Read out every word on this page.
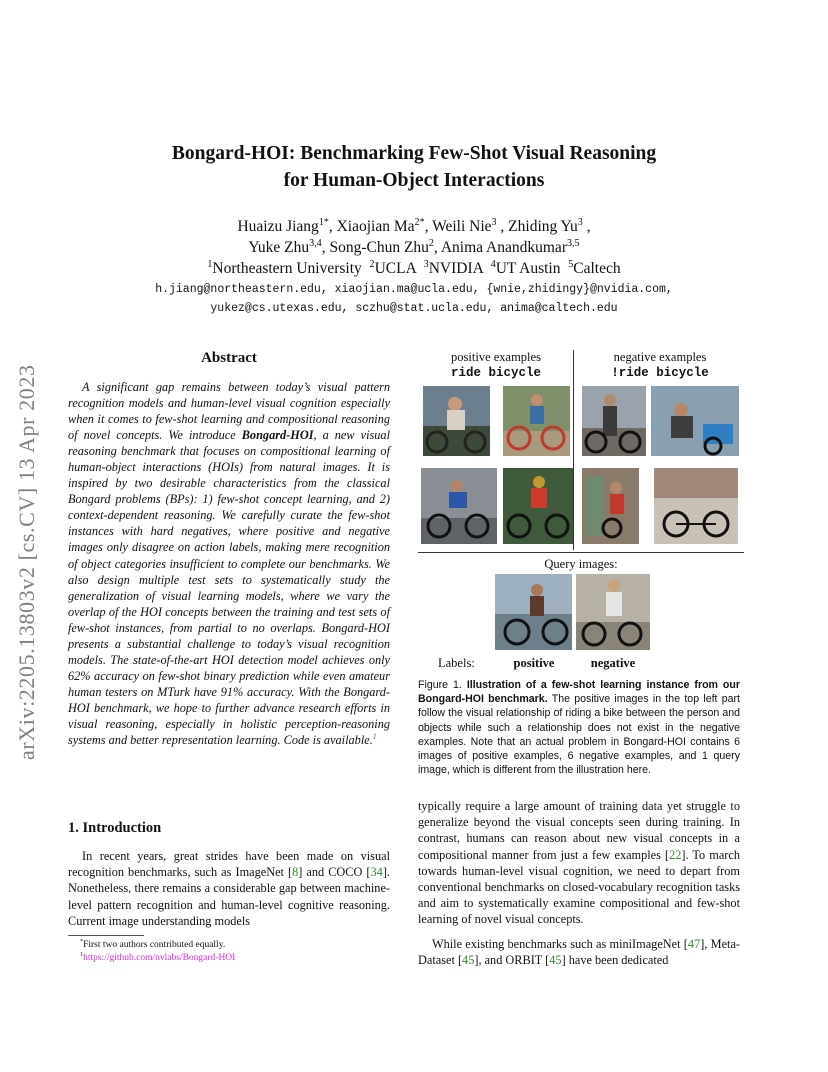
arXiv:2205.13803v2 [cs.CV] 13 Apr 2023
Bongard-HOI: Benchmarking Few-Shot Visual Reasoning
for Human-Object Interactions
Huaizu Jiang$^{1*}$, Xiaojian $Ma^{2*}$, Weili Nie$^3$ , Zhiding Yu$^3$ ,
Yuke Zhu$^{3,4}$, Song-Chun Zhu$^2$, Anima Anandkumar$^{3,5}$
$^1$Northeastern University  $^2$UCLA  $^3$NVIDIA  $^4$UT Austin  $^5$Caltech
h.jiang@northeastern.edu, xiaojian.ma@ucla.edu, {wnie,zhidingy}@nvidia.com,
yukez@cs.utexas.edu, sczhu@stat.ucla.edu, anima@caltech.edu
Abstract
A significant gap remains between today’s visual pattern recognition models and human-level visual cognition especially when it comes to few-shot learning and compositional reasoning of novel concepts. We introduce Bongard-HOI, a new visual reasoning benchmark that focuses on compositional learning of human-object interactions (HOIs) from natural images. It is inspired by two desirable characteristics from the classical Bongard problems (BPs): 1) few-shot concept learning, and 2) context-dependent reasoning. We carefully curate the few-shot instances with hard negatives, where positive and negative images only disagree on action labels, making mere recognition of object categories insufficient to complete our benchmarks. We also design multiple test sets to systematically study the generalization of visual learning models, where we vary the overlap of the HOI concepts between the training and test sets of few-shot instances, from partial to no overlaps. Bongard-HOI presents a substantial challenge to today’s visual recognition models. The state-of-the-art HOI detection model achieves only 62% accuracy on few-shot binary prediction while even amateur human testers on MTurk have 91% accuracy. With the Bongard-HOI benchmark, we hope to further advance research efforts in visual reasoning, especially in holistic perception-reasoning systems and better representation learning. Code is available.$^1$
1. Introduction
In recent years, great strides have been made on visual recognition benchmarks, such as ImageNet [8] and COCO [34]. Nonetheless, there remains a considerable gap between machine-level pattern recognition and human-level cognitive reasoning. Current image understanding models
*First two authors contributed equally.
$^1$https://github.com/nvlabs/Bongard-HOI
positive examples
ride bicycle
negative examples
!ride bicycle
Query images:
Labels:	positive	negative
Figure 1. Illustration of a few-shot learning instance from our Bongard-HOI benchmark. The positive images in the top left part follow the visual relationship of riding a bike between the person and objects while such a relationship does not exist in the negative examples. Note that an actual problem in Bongard-HOI contains 6 images of positive examples, 6 negative examples, and 1 query image, which is different from the illustration here.
typically require a large amount of training data yet struggle to generalize beyond the visual concepts seen during training. In contrast, humans can reason about new visual concepts in a compositional manner from just a few examples [22]. To march towards human-level visual cognition, we need to depart from conventional benchmarks on closed-vocabulary recognition tasks and aim to systematically examine compositional and few-shot learning of novel visual concepts.
While existing benchmarks such as miniImageNet [47], Meta-Dataset [45], and ORBIT [45] have been dedicated
